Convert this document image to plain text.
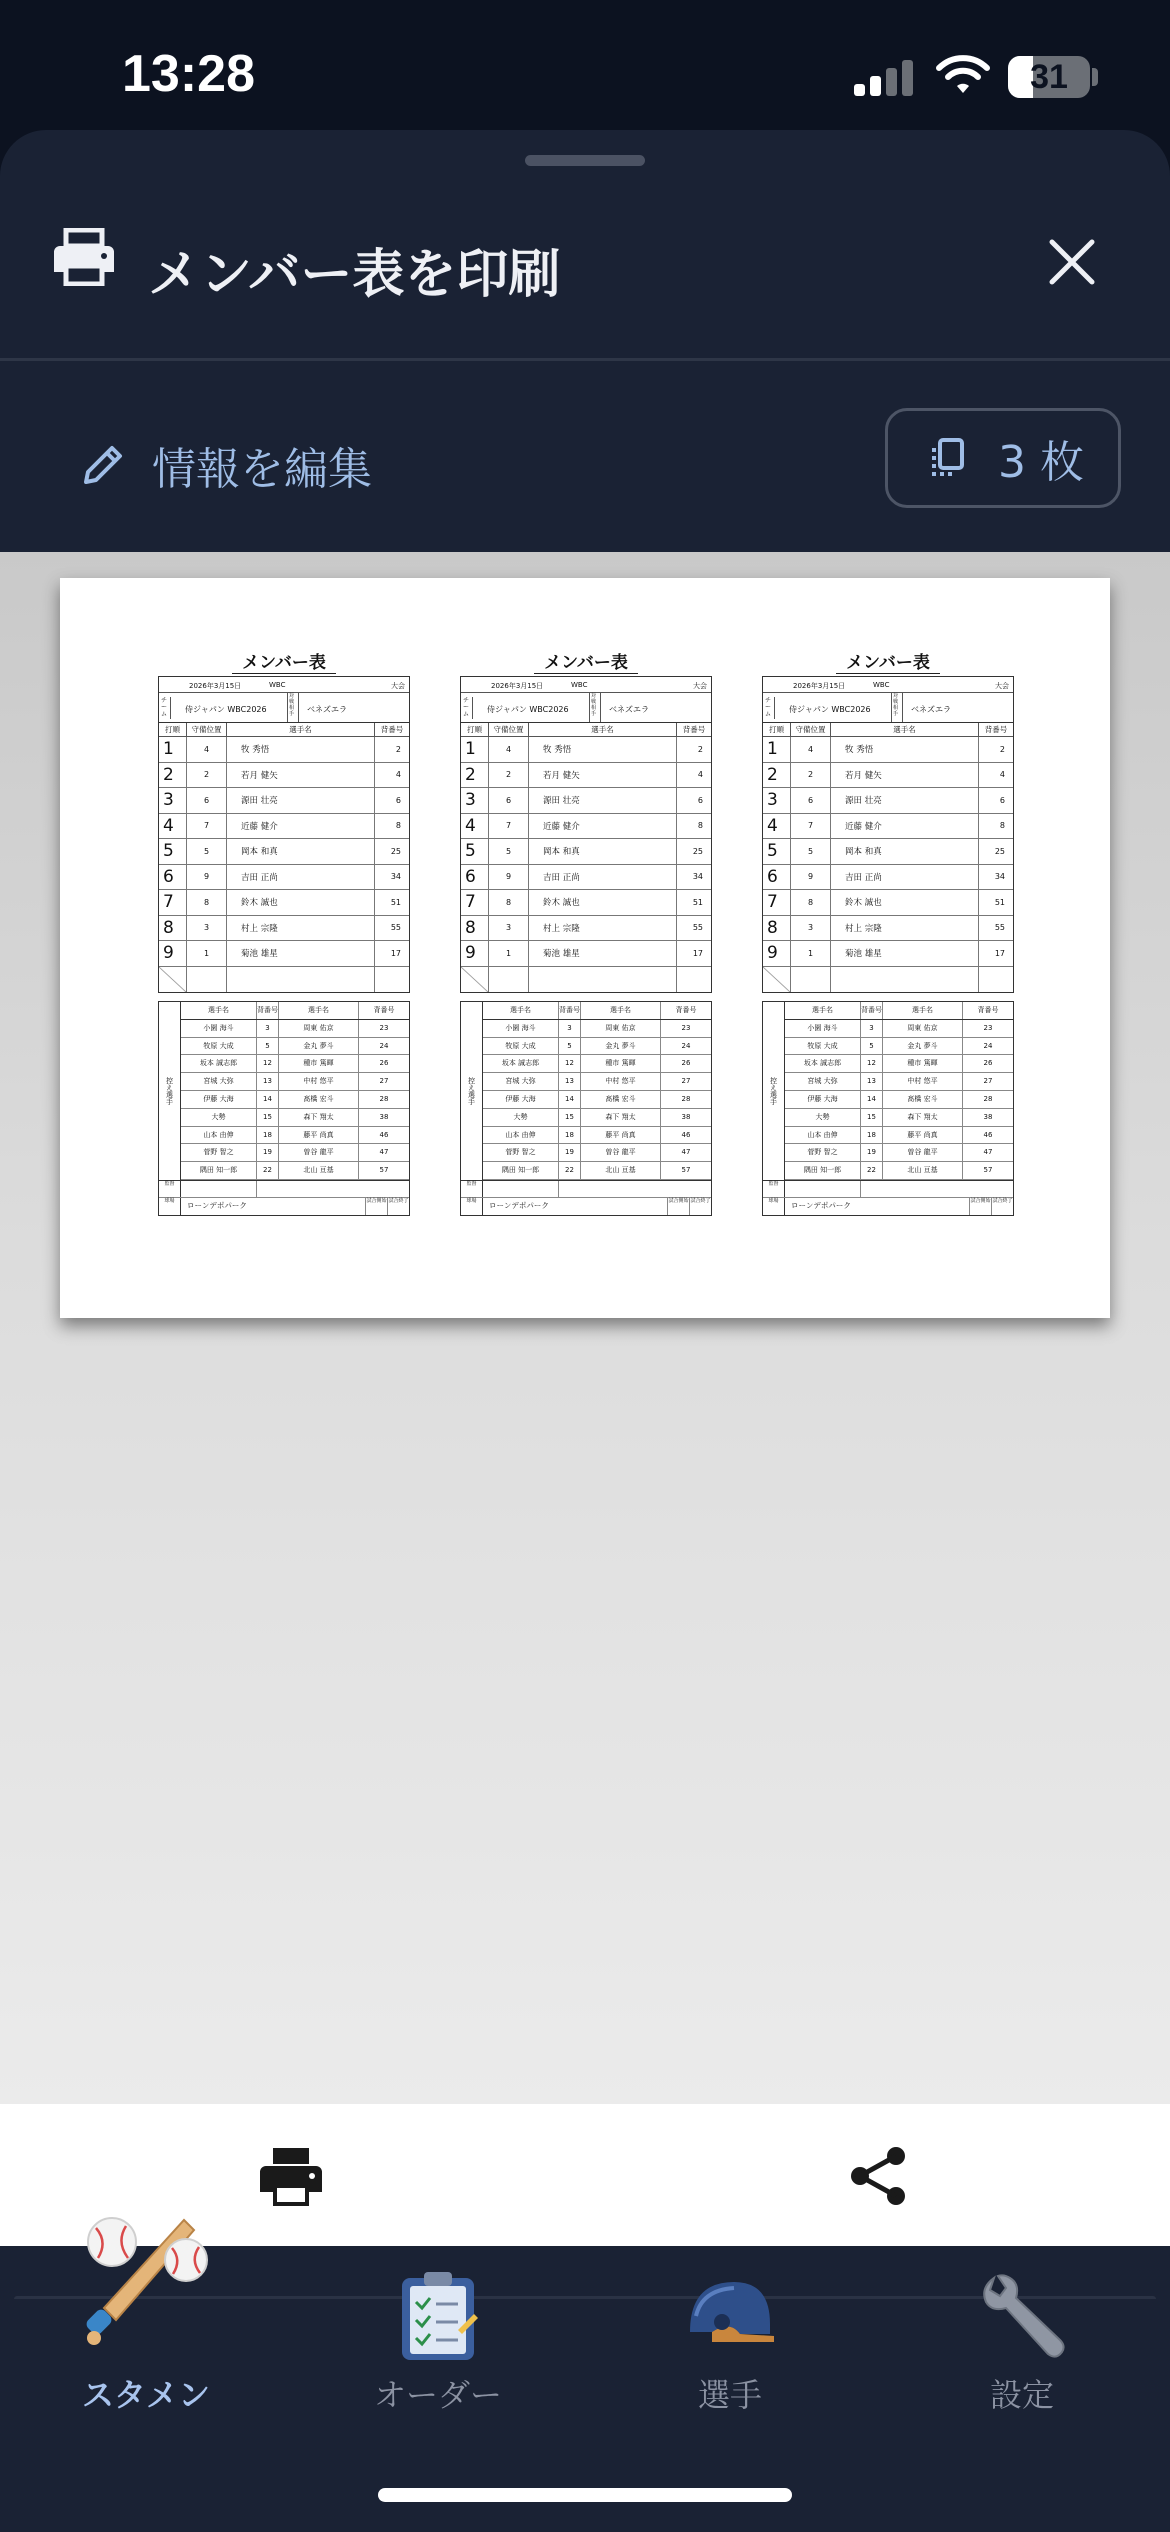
13:28	31
メンバー表を印刷
情報を編集	3 枚
メンバー表
2026年3月15日	WBC	大会
チーム
侍ジャパン WBC2026
対戦相手	ベネズエラ
打順	守備位置	選手名	背番号
1	4	牧 秀悟	2
2	2	若月 健矢	4
3	6	源田 壮亮	6
4	7	近藤 健介	8
5	5	岡本 和真	25
6	9	吉田 正尚	34
7	8	鈴木 誠也	51
8	3	村上 宗隆	55
9	1	菊池 雄星	17
控え選手
選手名	背番号	選手名	背番号
小園 海斗	3	周東 佑京	23
牧原 大成	5	金丸 夢斗	24
坂本 誠志郎	12	種市 篤暉	26
宮城 大弥	13	中村 悠平	27
伊藤 大海	14	髙橋 宏斗	28
大勢	15	森下 翔太	38
山本 由伸	18	藤平 尚真	46
菅野 智之	19	曽谷 龍平	47
隅田 知一郎	22	北山 亘基	57
監督
球場	ローンデポパーク	試合開始 試合終了
メンバー表
2026年3月15日	WBC	大会
チーム
侍ジャパン WBC2026
対戦相手	ベネズエラ
打順	守備位置	選手名	背番号
1	4	牧 秀悟	2
2	2	若月 健矢	4
3	6	源田 壮亮	6
4	7	近藤 健介	8
5	5	岡本 和真	25
6	9	吉田 正尚	34
7	8	鈴木 誠也	51
8	3	村上 宗隆	55
9	1	菊池 雄星	17
控え選手
選手名	背番号	選手名	背番号
小園 海斗	3	周東 佑京	23
牧原 大成	5	金丸 夢斗	24
坂本 誠志郎	12	種市 篤暉	26
宮城 大弥	13	中村 悠平	27
伊藤 大海	14	髙橋 宏斗	28
大勢	15	森下 翔太	38
山本 由伸	18	藤平 尚真	46
菅野 智之	19	曽谷 龍平	47
隅田 知一郎	22	北山 亘基	57
監督
球場	ローンデポパーク	試合開始 試合終了
メンバー表
2026年3月15日	WBC	大会
チーム
侍ジャパン WBC2026
対戦相手	ベネズエラ
打順	守備位置	選手名	背番号
1	4	牧 秀悟	2
2	2	若月 健矢	4
3	6	源田 壮亮	6
4	7	近藤 健介	8
5	5	岡本 和真	25
6	9	吉田 正尚	34
7	8	鈴木 誠也	51
8	3	村上 宗隆	55
9	1	菊池 雄星	17
控え選手
選手名	背番号	選手名	背番号
小園 海斗	3	周東 佑京	23
牧原 大成	5	金丸 夢斗	24
坂本 誠志郎	12	種市 篤暉	26
宮城 大弥	13	中村 悠平	27
伊藤 大海	14	髙橋 宏斗	28
大勢	15	森下 翔太	38
山本 由伸	18	藤平 尚真	46
菅野 智之	19	曽谷 龍平	47
隅田 知一郎	22	北山 亘基	57
監督
球場	ローンデポパーク	試合開始 試合終了
スタメン	オーダー	選手	設定
